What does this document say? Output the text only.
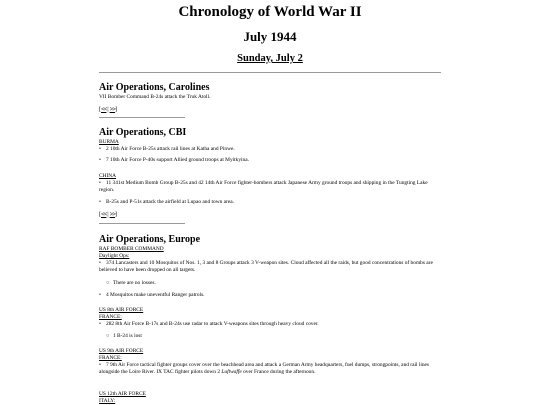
Chronology of World War II
July 1944
Sunday, July 2
Air Operations, Carolines
VII Bomber Command B-24s attack the Truk Atoll.
[<<|>>]
Air Operations, CBI
BURMA
• 2 10th Air Force B-25s attack rail lines at Katha and Pinwe.
• 7 10th Air Force P-40s support Allied ground troops at Myitkyina.
CHINA
• 11 341st Medium Bomb Group B-25s and 42 14th Air Force fighter-bombers attack Japanese Army ground troops and shipping in the Tungting Lake region.
• B-25s and P-51s attack the airfield at Lupao and town area.
[<<|>>]
Air Operations, Europe
RAF BOMBER COMMAND
Daylight Ops:
• 374 Lancasters and 10 Mosquitos of Nos. 1, 3 and 8 Groups attack 3 V-weapon sites. Cloud affected all the raids, but good concentrations of bombs are believed to have been dropped on all targets.
○ There are no losses.
• 4 Mosquitos make uneventful Ranger patrols.
US 8th AIR FORCE
FRANCE:
• 282 8th Air Force B-17s and B-24s use radar to attack V-weapons sites through heavy cloud cover.
○ 1 B-24 is lost
US 9th AIR FORCE
FRANCE:
• 7 9th Air Force tactical fighter groups cover over the beachhead area and attack a German Army headquarters, fuel dumps, strongpoints, and rail lines alongside the Loire River. IX TAC fighter pilots down 2 Luftwaffe over France during the afternoon.
US 12th AIR FORCE
ITALY:
